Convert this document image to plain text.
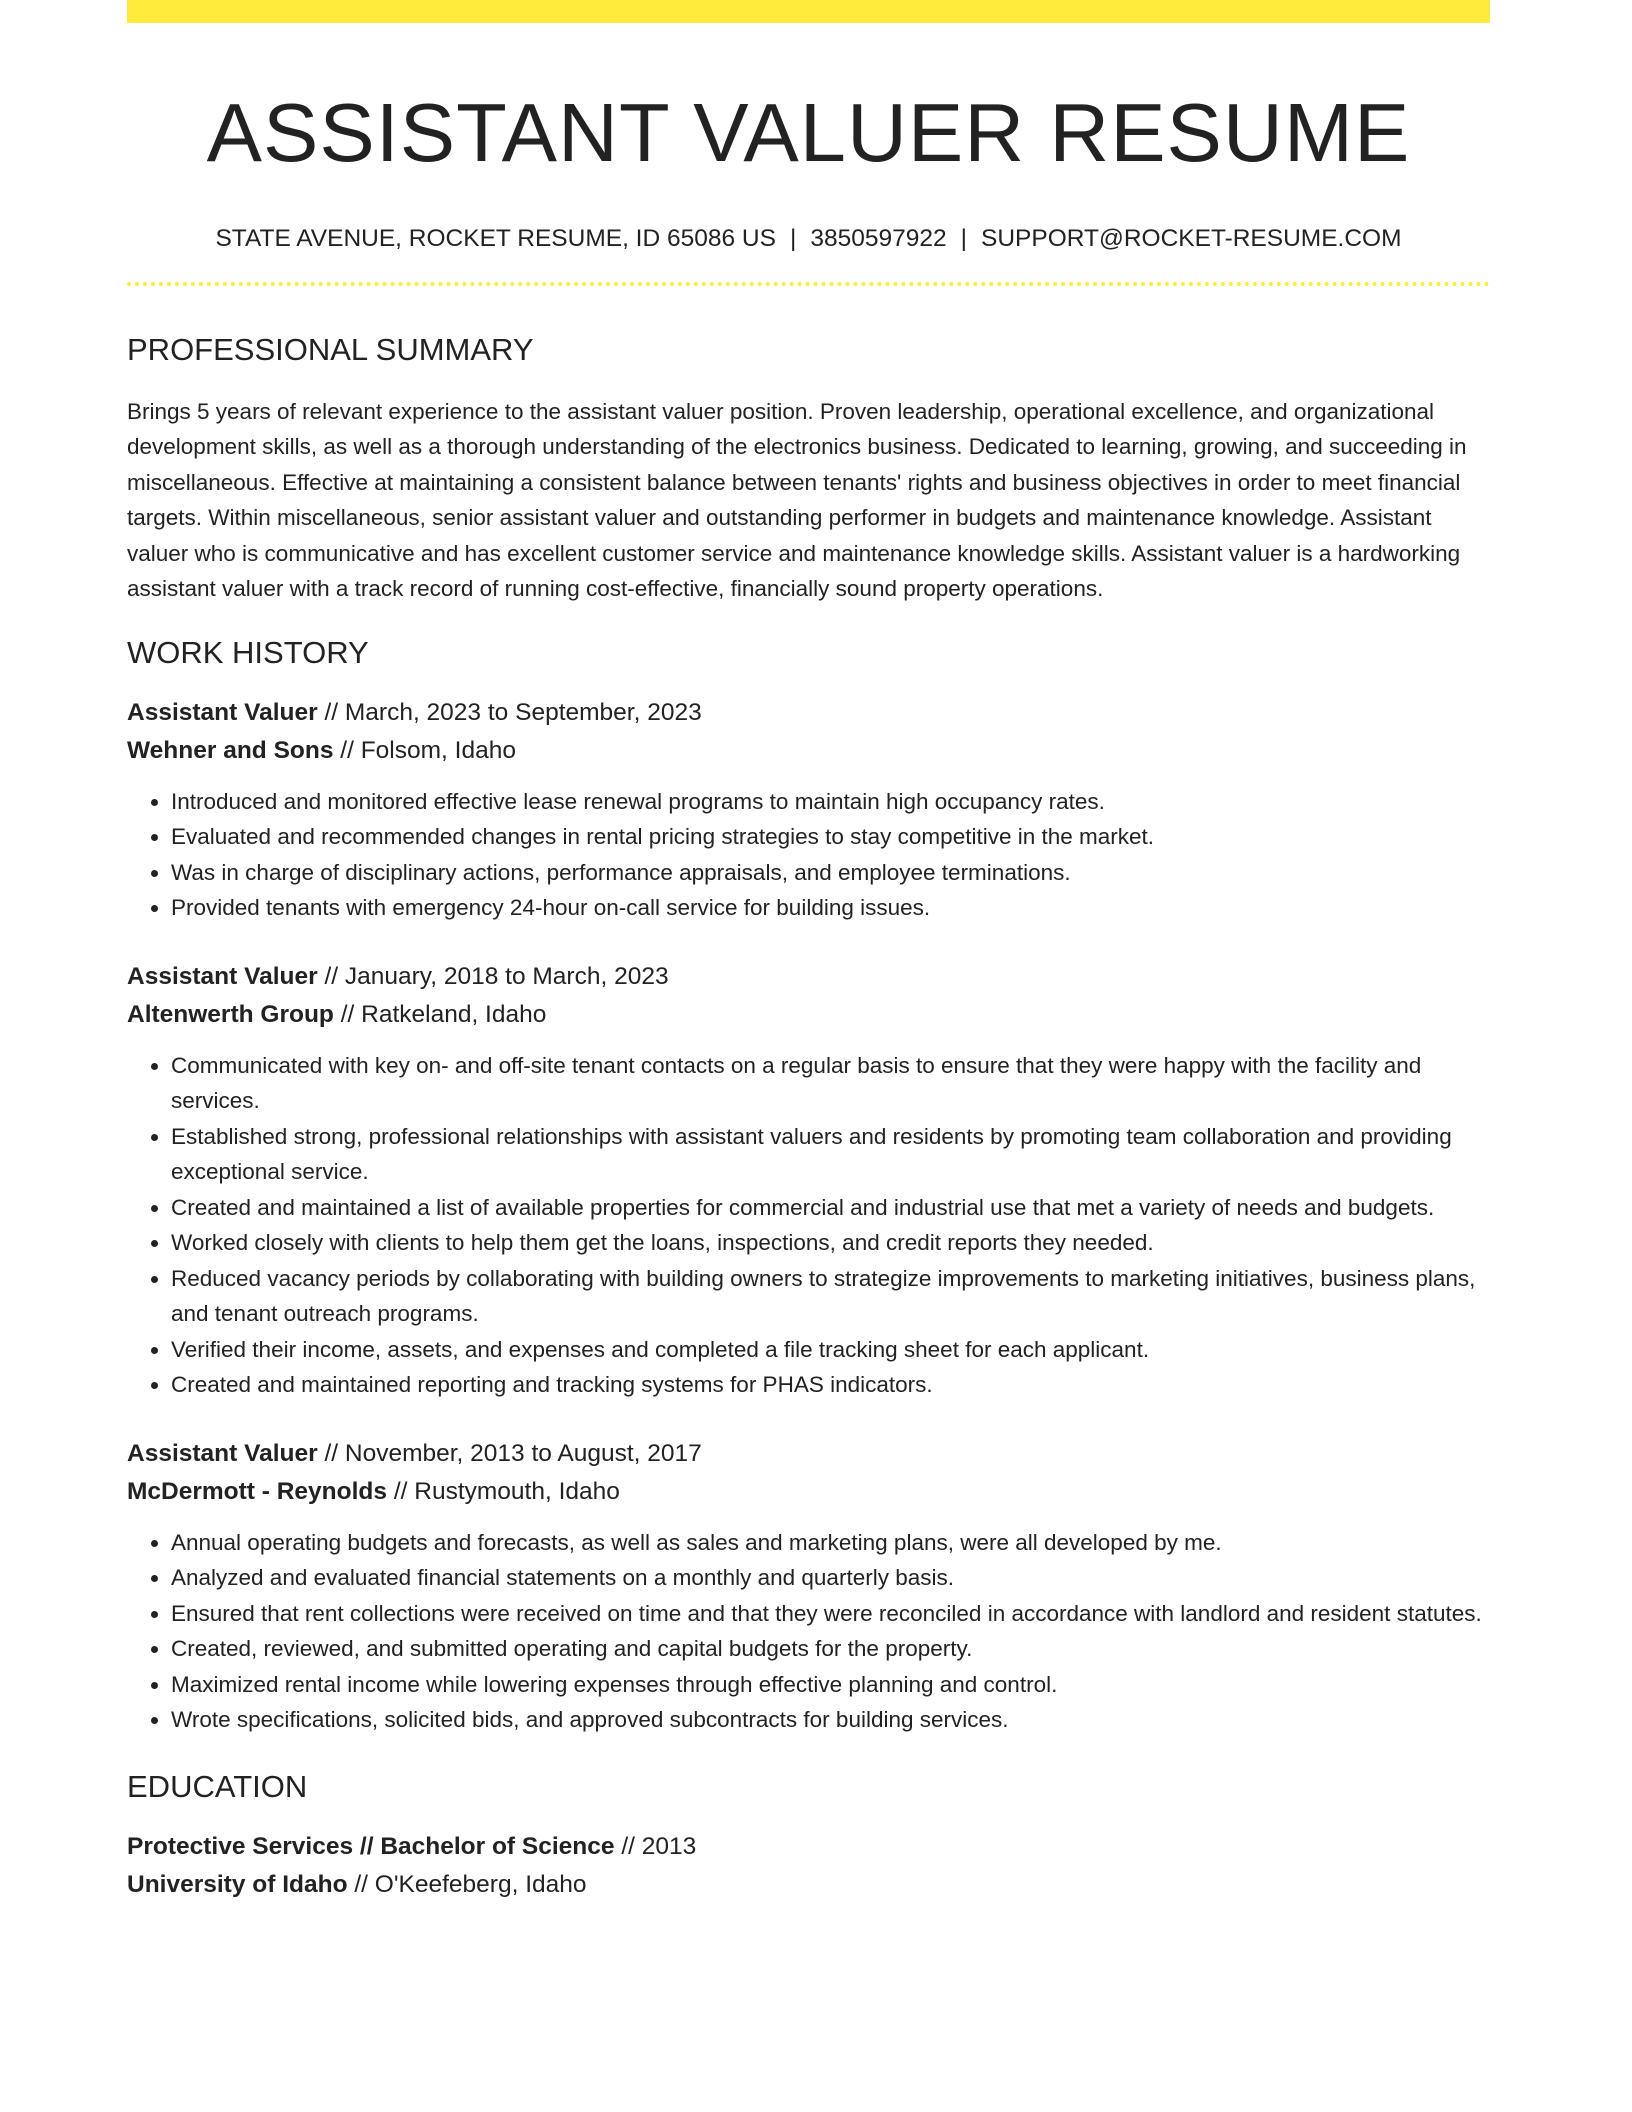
ASSISTANT VALUER RESUME
STATE AVENUE, ROCKET RESUME, ID 65086 US | 3850597922 | SUPPORT@ROCKET-RESUME.COM
PROFESSIONAL SUMMARY

Brings 5 years of relevant experience to the assistant valuer position. Proven leadership, operational excellence, and organizational development skills, as well as a thorough understanding of the electronics business. Dedicated to learning, growing, and succeeding in miscellaneous. Effective at maintaining a consistent balance between tenants' rights and business objectives in order to meet financial targets. Within miscellaneous, senior assistant valuer and outstanding performer in budgets and maintenance knowledge. Assistant valuer who is communicative and has excellent customer service and maintenance knowledge skills. Assistant valuer is a hardworking assistant valuer with a track record of running cost-effective, financially sound property operations.

WORK HISTORY
Assistant Valuer // March, 2023 to September, 2023
Wehner and Sons // Folsom, Idaho
• Introduced and monitored effective lease renewal programs to maintain high occupancy rates.
• Evaluated and recommended changes in rental pricing strategies to stay competitive in the market.
• Was in charge of disciplinary actions, performance appraisals, and employee terminations.
• Provided tenants with emergency 24-hour on-call service for building issues.
Assistant Valuer // January, 2018 to March, 2023
Altenwerth Group // Ratkeland, Idaho
• Communicated with key on- and off-site tenant contacts on a regular basis to ensure that they were happy with the facility and services.
• Established strong, professional relationships with assistant valuers and residents by promoting team collaboration and providing exceptional service.
• Created and maintained a list of available properties for commercial and industrial use that met a variety of needs and budgets.
• Worked closely with clients to help them get the loans, inspections, and credit reports they needed.
• Reduced vacancy periods by collaborating with building owners to strategize improvements to marketing initiatives, business plans, and tenant outreach programs.
• Verified their income, assets, and expenses and completed a file tracking sheet for each applicant.
• Created and maintained reporting and tracking systems for PHAS indicators.
Assistant Valuer // November, 2013 to August, 2017
McDermott - Reynolds // Rustymouth, Idaho
• Annual operating budgets and forecasts, as well as sales and marketing plans, were all developed by me.
• Analyzed and evaluated financial statements on a monthly and quarterly basis.
• Ensured that rent collections were received on time and that they were reconciled in accordance with landlord and resident statutes.
• Created, reviewed, and submitted operating and capital budgets for the property.
• Maximized rental income while lowering expenses through effective planning and control.
• Wrote specifications, solicited bids, and approved subcontracts for building services.
EDUCATION
Protective Services // Bachelor of Science // 2013
University of Idaho // O'Keefeberg, Idaho
